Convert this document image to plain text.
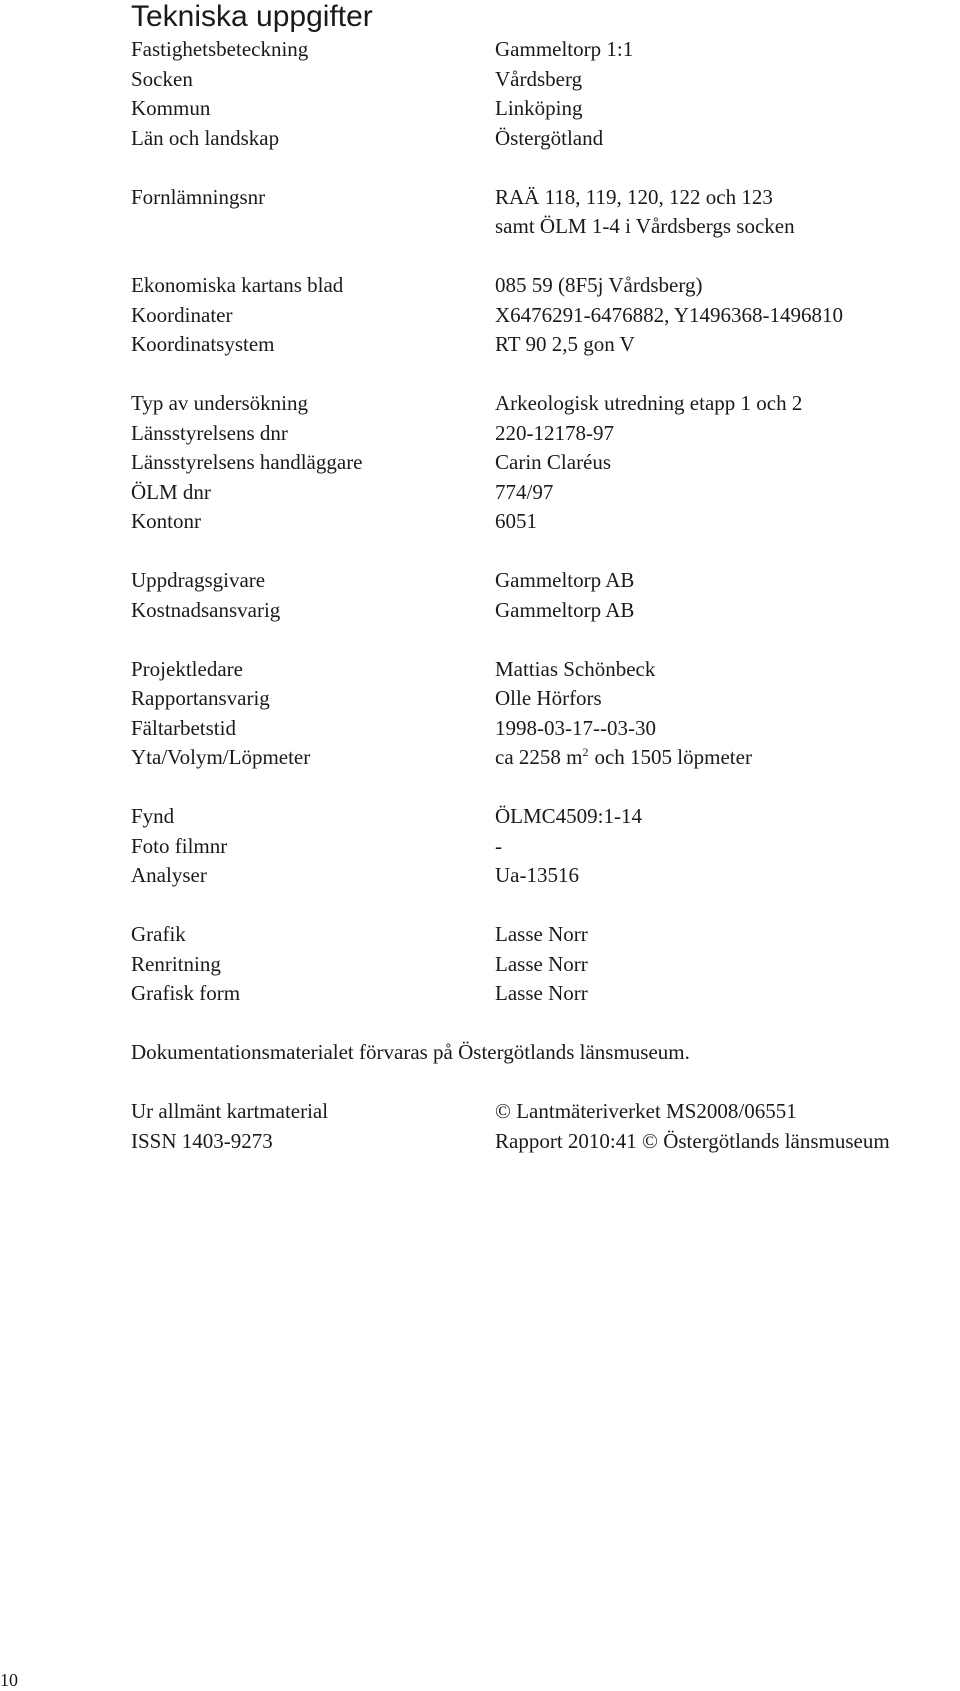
Tekniska uppgifter
Fastighetsbeteckning	Gammeltorp 1:1
Socken	Vårdsberg
Kommun	Linköping
Län och landskap	Östergötland
Fornlämningsnr	RAÄ 118, 119, 120, 122 och 123
samt ÖLM 1-4 i Vårdsbergs socken
Ekonomiska kartans blad	085 59 (8F5j Vårdsberg)
Koordinater	X6476291-6476882, Y1496368-1496810
Koordinatsystem	RT 90 2,5 gon V
Typ av undersökning	Arkeologisk utredning etapp 1 och 2
Länsstyrelsens dnr	220-12178-97
Länsstyrelsens handläggare	Carin Claréus
ÖLM dnr	774/97
Kontonr	6051
Uppdragsgivare	Gammeltorp AB
Kostnadsansvarig	Gammeltorp AB
Projektledare	Mattias Schönbeck
Rapportansvarig	Olle Hörfors
Fältarbetstid	1998-03-17--03-30
Yta/Volym/Löpmeter	ca 2258 $m^2$ och 1505 löpmeter
Fynd	ÖLMC4509:1-14
Foto filmnr	-
Analyser	Ua-13516
Grafik	Lasse Norr
Renritning	Lasse Norr
Grafisk form	Lasse Norr
Dokumentationsmaterialet förvaras på Östergötlands länsmuseum.
Ur allmänt kartmaterial	© Lantmäteriverket MS2008/06551
ISSN 1403-9273	Rapport 2010:41 © Östergötlands länsmuseum
10
